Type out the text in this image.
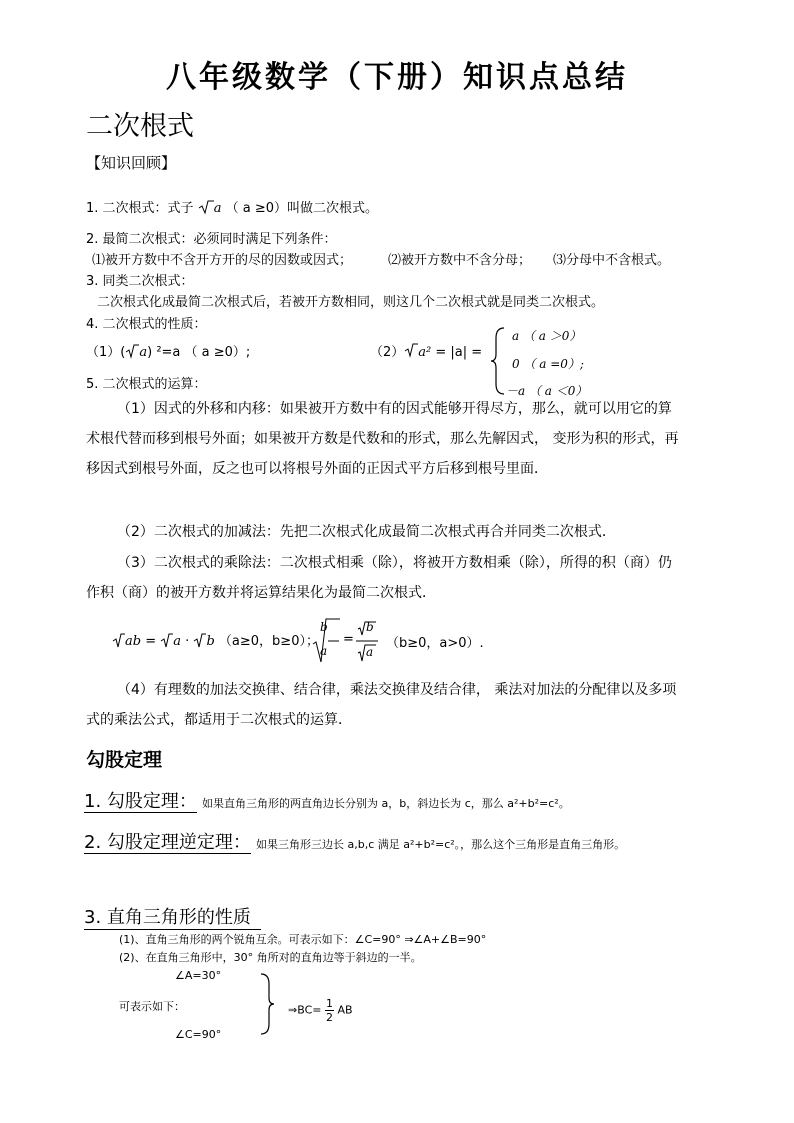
八年级数学（下册）知识点总结
二次根式
【知识回顾】
1. 二次根式：式子 a （ a ≥0）叫做二次根式。
2. 最简二次根式：必须同时满足下列条件：
⑴被开方数中不含开方开的尽的因数或因式；	⑵被开方数中不含分母； ⑶分母中不含根式。
3. 同类二次根式：
二次根式化成最简二次根式后，若被开方数相同，则这几个二次根式就是同类二次根式。
4. 二次根式的性质：
（1）( a) ²=a （ a ≥0）;	（2） a² = |a| =
a （ a ＞0）
0 （ a =0）;
－a （ a ＜0）
5. 二次根式的运算：
（1）因式的外移和内移：如果被开方数中有的因式能够开得尽方，那么，就可以用它的算术根代替而移到根号外面；如果被开方数是代数和的形式，那么先解因式， 变形为积的形式，再移因式到根号外面，反之也可以将根号外面的正因式平方后移到根号里面．
（2）二次根式的加减法：先把二次根式化成最简二次根式再合并同类二次根式．
（3）二次根式的乘除法：二次根式相乘（除），将被开方数相乘（除），所得的积（商）仍作积（商）的被开方数并将运算结果化为最简二次根式．
ab = a · b （a≥0，b≥0）；
b
a
=
b
a
（b≥0，a>0）.
（4）有理数的加法交换律、结合律，乘法交换律及结合律， 乘法对加法的分配律以及多项式的乘法公式，都适用于二次根式的运算．
勾股定理
1. 勾股定理： 如果直角三角形的两直角边长分别为 a，b，斜边长为 c，那么 a²+b²=c²。
2. 勾股定理逆定理： 如果三角形三边长 a,b,c 满足 a²+b²=c²。，那么这个三角形是直角三角形。
3. 直角三角形的性质
(1)、直角三角形的两个锐角互余。可表示如下：∠C=90° ⇒∠A+∠B=90°
(2)、在直角三角形中，30° 角所对的直角边等于斜边的一半。
∠A=30°
可表示如下：
∠C=90°
⇒BC= $\frac{1}{2}$ AB
